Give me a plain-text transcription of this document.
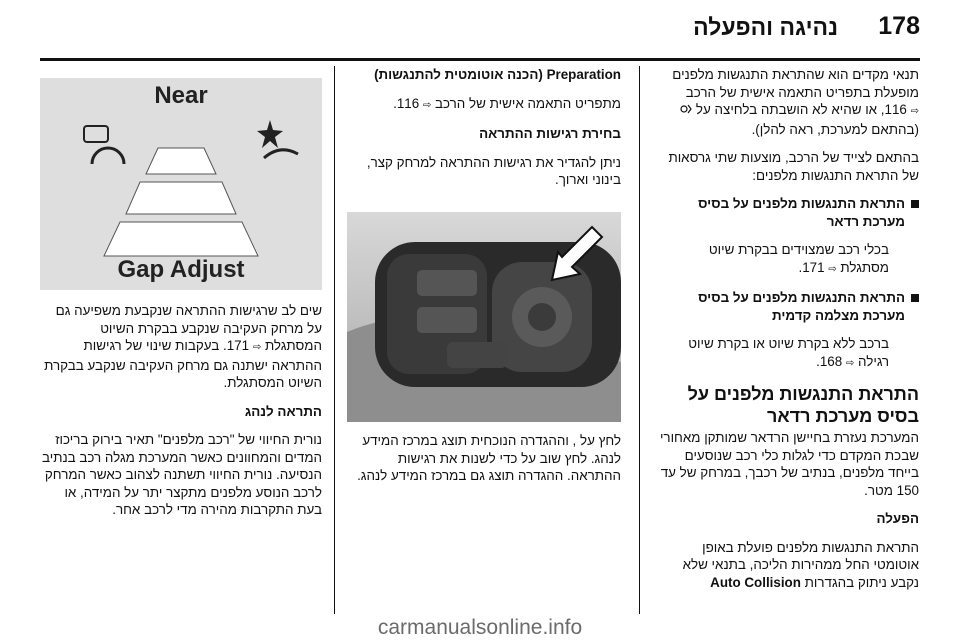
178
נהיגה והפעלה

תנאי מקדים הוא שהתראת התנגשות מלפנים מופעלת בתפריט התאמה אישית של הרכב ⇨ 116, או שהיא לא הושבתה בלחיצה על  (בהתאם למערכת, ראה להלן).

בהתאם לצייד של הרכב, מוצעות שתי גרסאות של התראת התנגשות מלפנים:

התראת התנגשות מלפנים על בסיס מערכת רדאר

בכלי רכב שמצוידים בבקרת שיוט מסתגלת ⇨ 171.

התראת התנגשות מלפנים על בסיס מערכת מצלמה קדמית

ברכב ללא בקרת שיוט או בקרת שיוט רגילה ⇨ 168.

התראת התנגשות מלפנים על בסיס מערכת רדאר

המערכת נעזרת בחיישן הרדאר שמותקן מאחורי שבכת המקדם כדי לגלות כלי רכב שנוסעים בייחד מלפנים, בנתיב של רכבך, במרחק של עד 150 מטר.

הפעלה

התראת התנגשות מלפנים פועלת באופן אוטומטי החל ממהירות הליכה, בתנאי שלא נקבע ניתוק בהגדרות Auto Collision

Preparation (הכנה אוטומטית להתנגשות)

מתפריט התאמה אישית של הרכב ⇨ 116.

בחירת רגישות ההתראה

ניתן להגדיר את רגישות ההתראה למרחק קצר, בינוני וארוך.

לחץ על , וההגדרה הנוכחית תוצג במרכז המידע לנהג. לחץ שוב על כדי לשנות את רגישות ההתראה. ההגדרה תוצג גם במרכז המידע לנהג.

Near
Gap Adjust

שים לב שרגישות ההתראה שנקבעת משפיעה גם על מרחק העקיבה שנקבע בבקרת השיוט המסתגלת ⇨ 171. בעקבות שינוי של רגישות ההתראה ישתנה גם מרחק העקיבה שנקבע בבקרת השיוט המסתגלת.

התראה לנהג

נורית החיווי של "רכב מלפנים" תאיר בירוק בריכוז המדים והמחוונים כאשר המערכת מגלה רכב בנתיב הנסיעה. נורית החיווי תשתנה לצהוב כאשר המרחק לרכב הנוסע מלפנים מתקצר יתר על המידה, או בעת התקרבות מהירה מדי לרכב אחר.

carmanualsonline.info
